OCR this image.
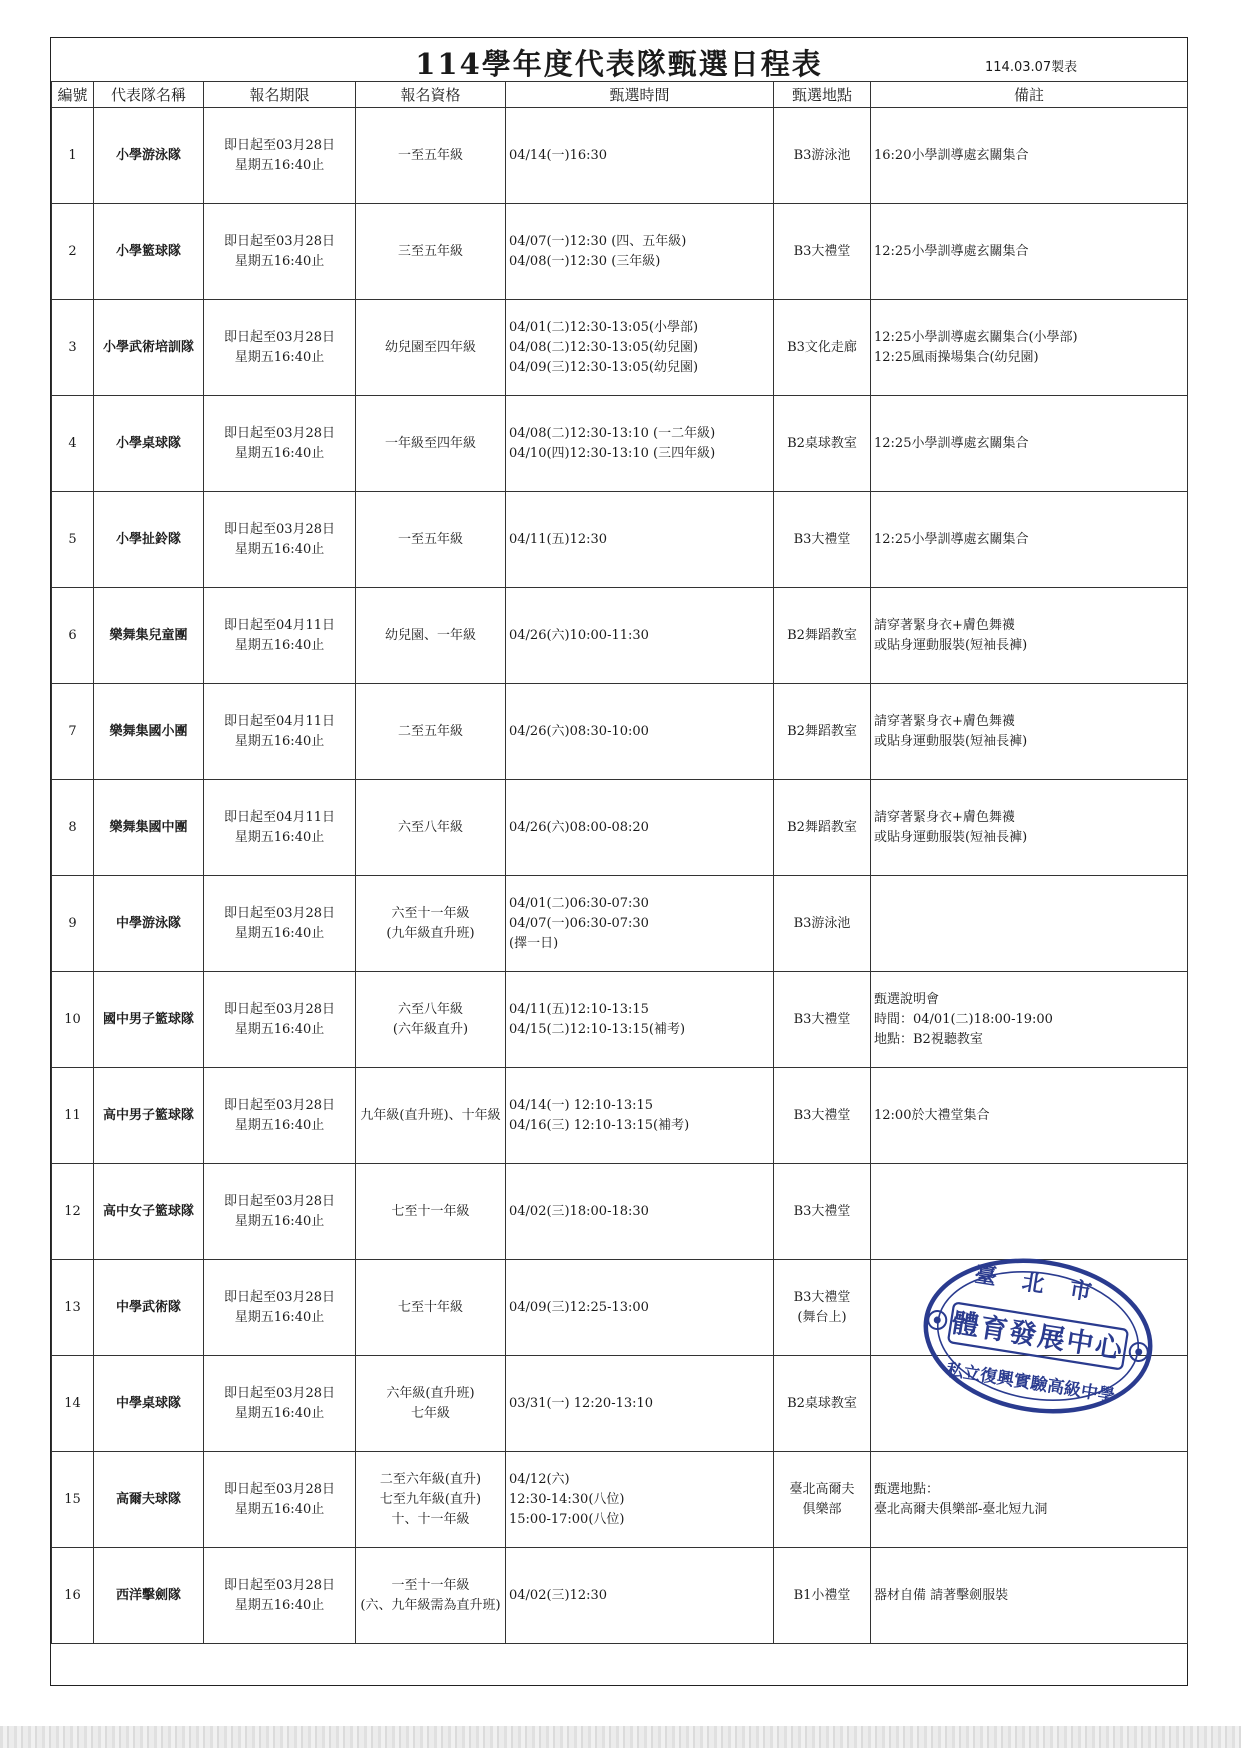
114學年度代表隊甄選日程表	114.03.07製表
編號	代表隊名稱	報名期限	報名資格	甄選時間	甄選地點	備註
1	小學游泳隊	即日起至03月28日
星期五16:40止	一至五年級	04/14(一)16:30	B3游泳池	16:20小學訓導處玄關集合

2	小學籃球隊	即日起至03月28日
星期五16:40止	三至五年級	04/07(一)12:30 (四、五年級)
04/08(一)12:30 (三年級)	B3大禮堂	12:25小學訓導處玄關集合

3	小學武術培訓隊	即日起至03月28日
星期五16:40止	幼兒園至四年級	04/01(二)12:30-13:05(小學部)
04/08(二)12:30-13:05(幼兒園)
04/09(三)12:30-13:05(幼兒園)	B3文化走廊	12:25小學訓導處玄關集合(小學部)
12:25風雨操場集合(幼兒園)

4	小學桌球隊	即日起至03月28日
星期五16:40止	一年級至四年級	04/08(二)12:30-13:10 (一二年級)
04/10(四)12:30-13:10 (三四年級)	B2桌球教室	12:25小學訓導處玄關集合

5	小學扯鈴隊	即日起至03月28日
星期五16:40止	一至五年級	04/11(五)12:30	B3大禮堂	12:25小學訓導處玄關集合

6	樂舞集兒童團	即日起至04月11日
星期五16:40止	幼兒園、一年級	04/26(六)10:00-11:30	B2舞蹈教室	請穿著緊身衣+膚色舞襪
或貼身運動服裝(短袖長褲)

7	樂舞集國小團	即日起至04月11日
星期五16:40止	二至五年級	04/26(六)08:30-10:00	B2舞蹈教室	請穿著緊身衣+膚色舞襪
或貼身運動服裝(短袖長褲)

8	樂舞集國中團	即日起至04月11日
星期五16:40止	六至八年級	04/26(六)08:00-08:20	B2舞蹈教室	請穿著緊身衣+膚色舞襪
或貼身運動服裝(短袖長褲)

9	中學游泳隊	即日起至03月28日
星期五16:40止	六至十一年級
(九年級直升班)	04/01(二)06:30-07:30
04/07(一)06:30-07:30
(擇一日)	B3游泳池	

10	國中男子籃球隊	即日起至03月28日
星期五16:40止	六至八年級
(六年級直升)	04/11(五)12:10-13:15
04/15(二)12:10-13:15(補考)	B3大禮堂	甄選說明會
時間：04/01(二)18:00-19:00
地點：B2視聽教室

11	高中男子籃球隊	即日起至03月28日
星期五16:40止	九年級(直升班)、十年級	04/14(一) 12:10-13:15
04/16(三) 12:10-13:15(補考)	B3大禮堂	12:00於大禮堂集合

12	高中女子籃球隊	即日起至03月28日
星期五16:40止	七至十一年級	04/02(三)18:00-18:30	B3大禮堂	

13	中學武術隊	即日起至03月28日
星期五16:40止	七至十年級	04/09(三)12:25-13:00	B3大禮堂
(舞台上)	

14	中學桌球隊	即日起至03月28日
星期五16:40止	六年級(直升班)
七年級	03/31(一) 12:20-13:10	B2桌球教室	

15	高爾夫球隊	即日起至03月28日
星期五16:40止	二至六年級(直升)
七至九年級(直升)
十、十一年級	04/12(六)
12:30-14:30(八位)
15:00-17:00(八位)	臺北高爾夫
俱樂部	甄選地點：
臺北高爾夫俱樂部-臺北短九洞

16	西洋擊劍隊	即日起至03月28日
星期五16:40止	一至十一年級
(六、九年級需為直升班)	04/02(三)12:30	B1小禮堂	器材自備 請著擊劍服裝
臺北市
體育發展中心
私立復興實驗高級中學
